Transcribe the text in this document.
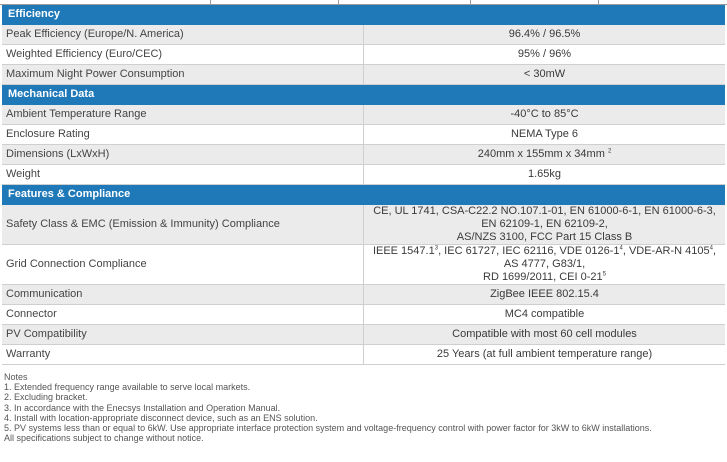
Efficiency	
Peak Efficiency (Europe/N. America)	96.4% / 96.5%
Weighted Efficiency (Euro/CEC)	95% / 96%
Maximum Night Power Consumption	< 30mW
Mechanical Data	
Ambient Temperature Range	-40°C to 85°C
Enclosure Rating	NEMA Type 6
Dimensions (LxWxH)	240mm x 155mm x 34mm $^2$
Weight	1.65kg
Features & Compliance	
Safety Class & EMC (Emission & Immunity) Compliance	CE, UL 1741, CSA-C22.2 NO.107.1-01, EN 61000-6-1, EN 61000-6-3, EN 62109-1, EN 62109-2,
AS/NZS 3100, FCC Part 15 Class B
Grid Connection Compliance	IEEE 1547.1$^3$, IEC 61727, IEC 62116, VDE $0126-1^4$, VDE-AR-N 4105$^4$, AS 4777, G83/1,
RD 1699/2011, CEI $0-21^5$
Communication	ZigBee IEEE 802.15.4
Connector	MC4 compatible
PV Compatibility	Compatible with most 60 cell modules
Warranty	25 Years (at full ambient temperature range)
Notes
1. Extended frequency range available to serve local markets.
2. Excluding bracket.
3. In accordance with the Enecsys Installation and Operation Manual.
4. Install with location-appropriate disconnect device, such as an ENS solution.
5. PV systems less than or equal to 6kW. Use appropriate interface protection system and voltage-frequency control with power factor for 3kW to 6kW installations.
All specifications subject to change without notice.
